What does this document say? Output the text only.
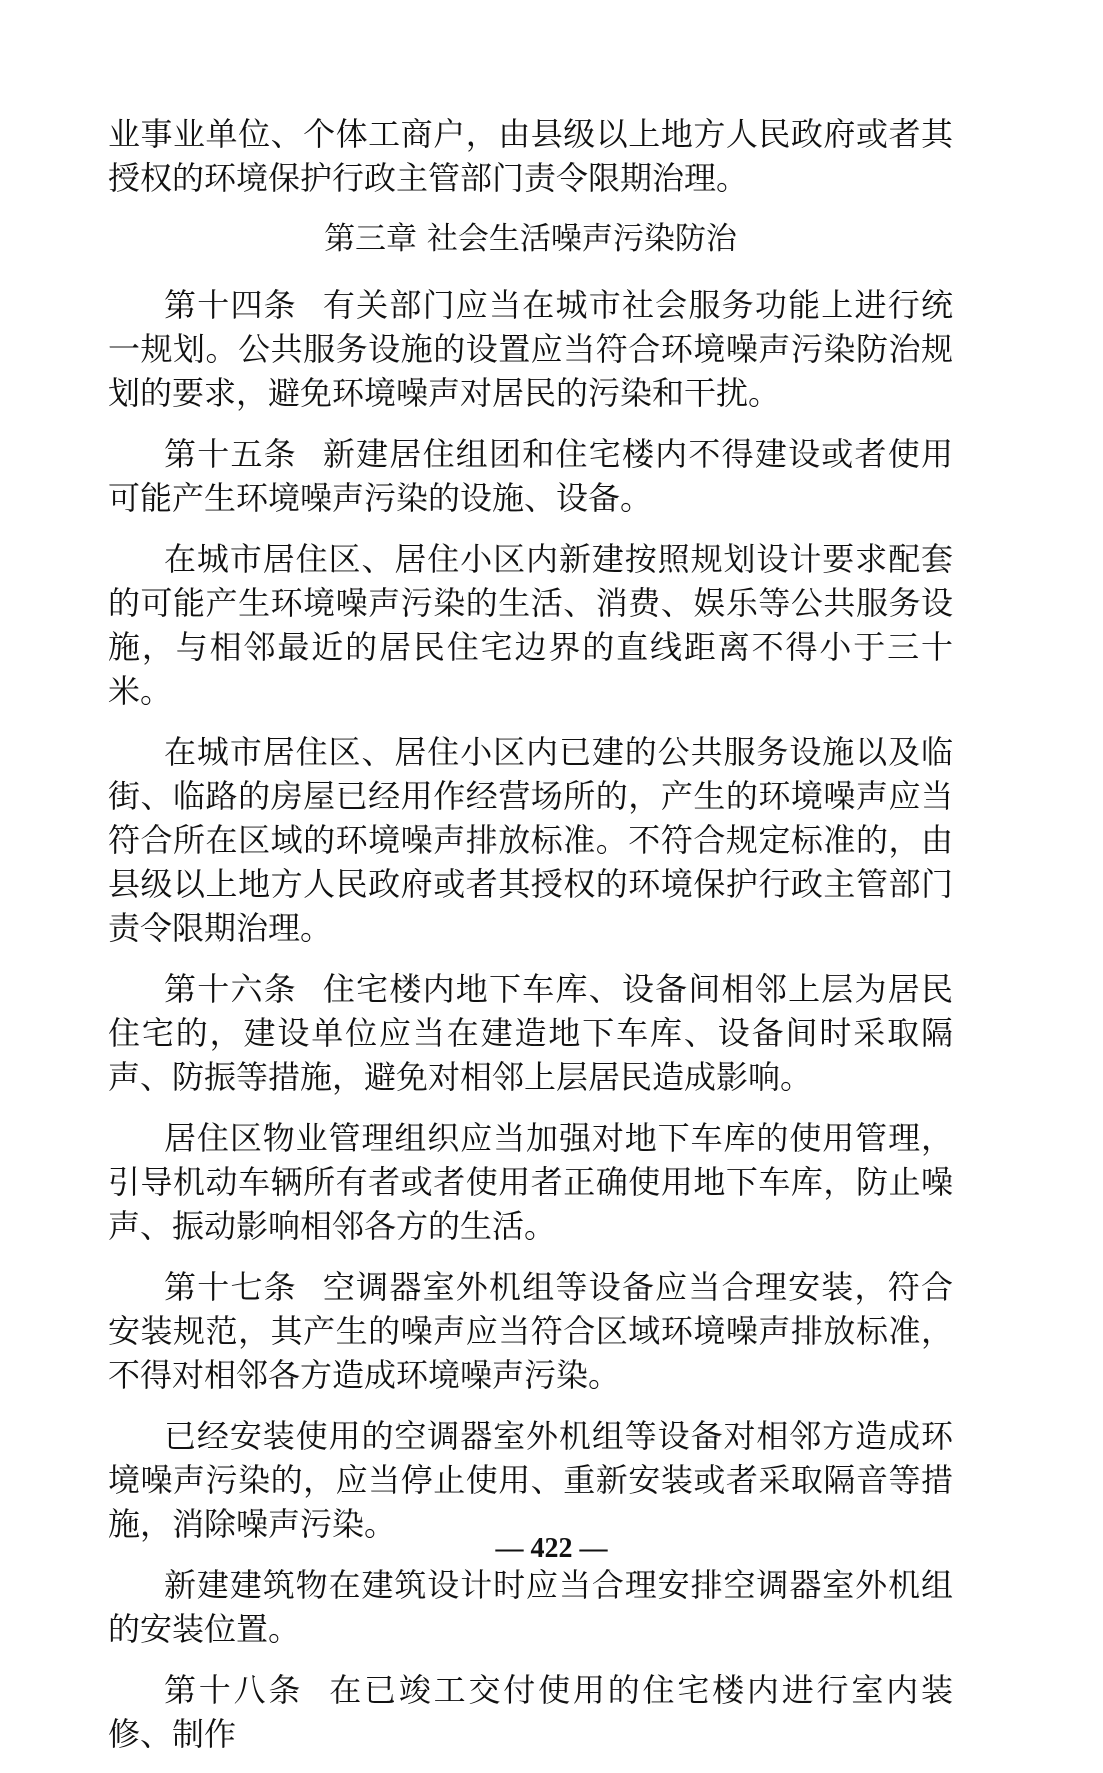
业事业单位、个体工商户，由县级以上地方人民政府或者其授权的环境保护行政主管部门责令限期治理。

第三章 社会生活噪声污染防治

第十四条 有关部门应当在城市社会服务功能上进行统一规划。公共服务设施的设置应当符合环境噪声污染防治规划的要求，避免环境噪声对居民的污染和干扰。

第十五条 新建居住组团和住宅楼内不得建设或者使用可能产生环境噪声污染的设施、设备。

在城市居住区、居住小区内新建按照规划设计要求配套的可能产生环境噪声污染的生活、消费、娱乐等公共服务设施，与相邻最近的居民住宅边界的直线距离不得小于三十米。

在城市居住区、居住小区内已建的公共服务设施以及临街、临路的房屋已经用作经营场所的，产生的环境噪声应当符合所在区域的环境噪声排放标准。不符合规定标准的，由县级以上地方人民政府或者其授权的环境保护行政主管部门责令限期治理。

第十六条 住宅楼内地下车库、设备间相邻上层为居民住宅的，建设单位应当在建造地下车库、设备间时采取隔声、防振等措施，避免对相邻上层居民造成影响。

居住区物业管理组织应当加强对地下车库的使用管理，引导机动车辆所有者或者使用者正确使用地下车库，防止噪声、振动影响相邻各方的生活。

第十七条 空调器室外机组等设备应当合理安装，符合安装规范，其产生的噪声应当符合区域环境噪声排放标准，不得对相邻各方造成环境噪声污染。

已经安装使用的空调器室外机组等设备对相邻方造成环境噪声污染的，应当停止使用、重新安装或者采取隔音等措施，消除噪声污染。

新建建筑物在建筑设计时应当合理安排空调器室外机组的安装位置。

第十八条 在已竣工交付使用的住宅楼内进行室内装修、制作

— 422 —
